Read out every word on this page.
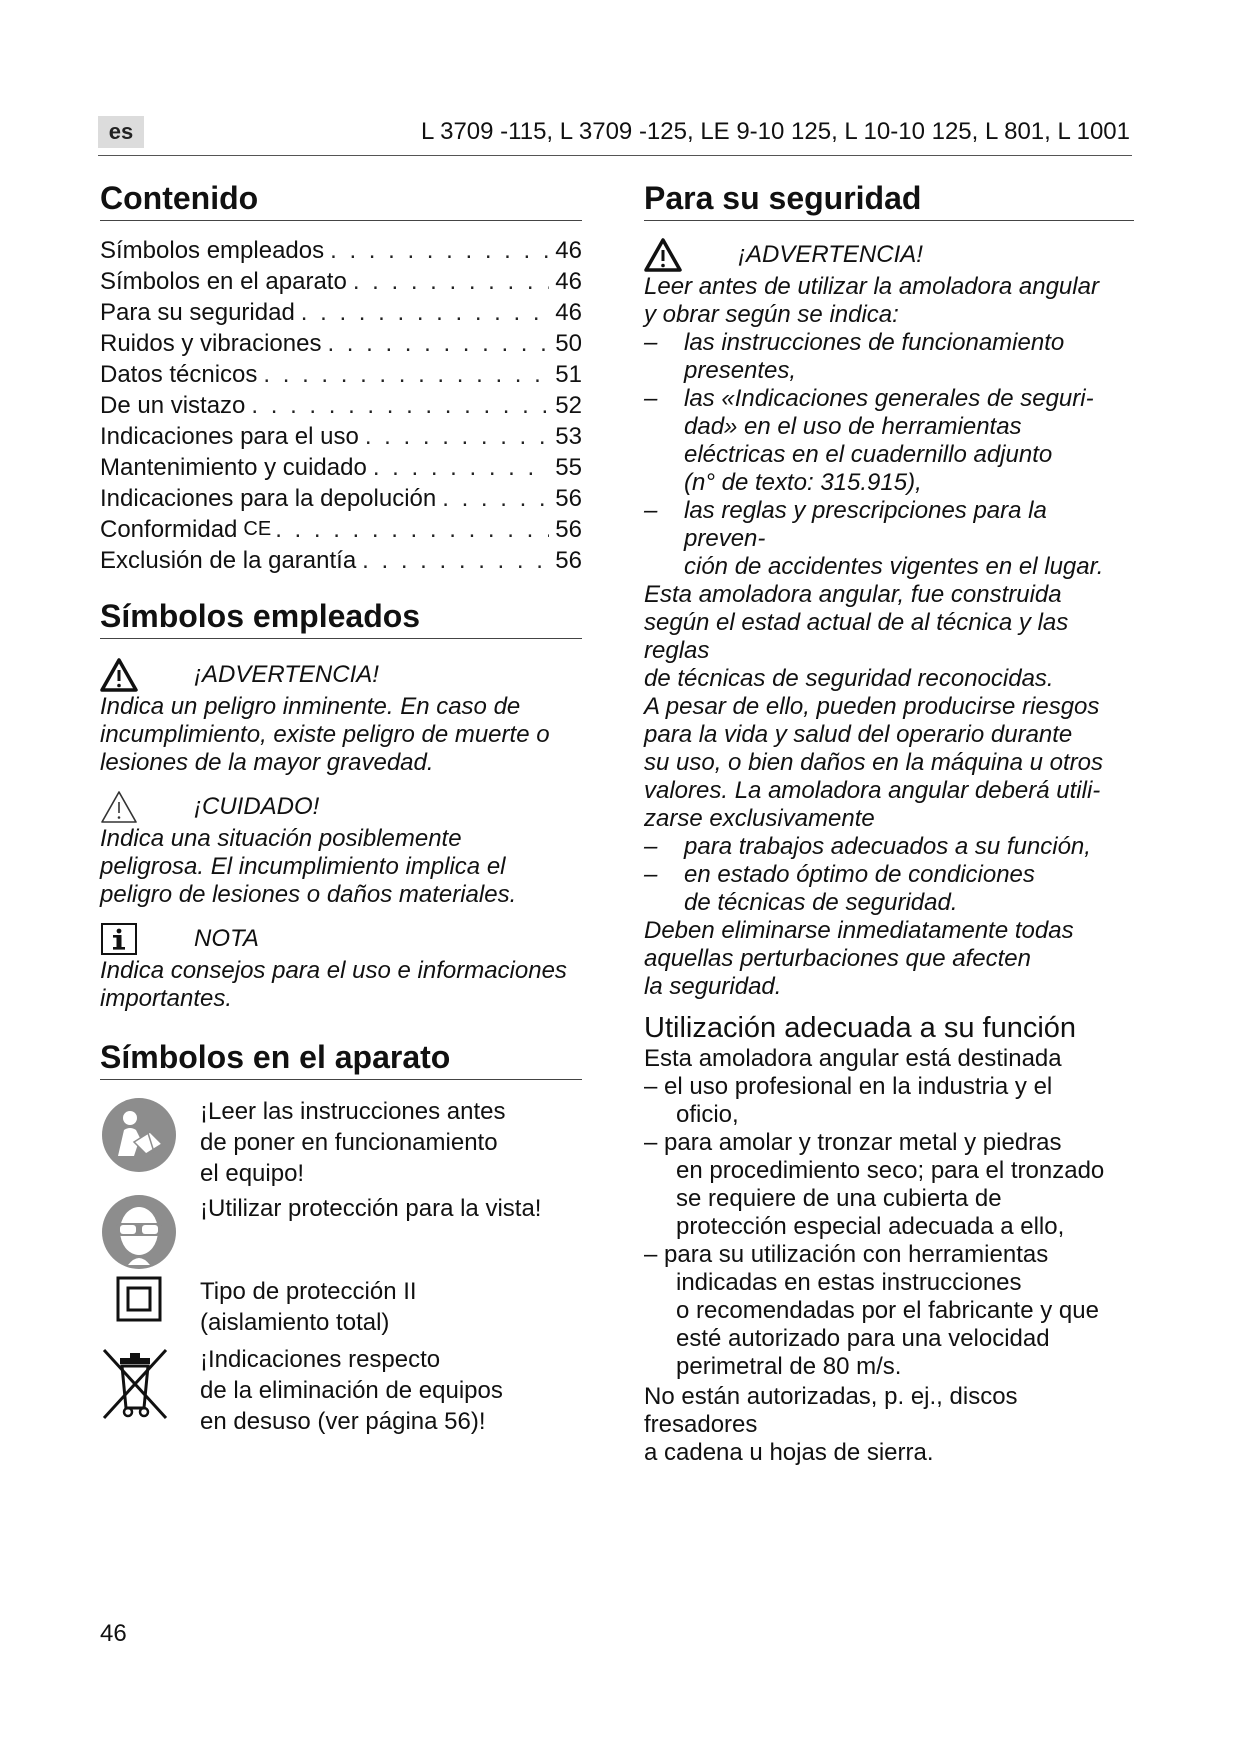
es	L 3709 -115, L 3709 -125, LE 9-10 125, L 10-10 125, L 801, L 1001
Contenido
Símbolos empleados . . .	46
Símbolos en el aparato . . .	46
Para su seguridad . . .	46
Ruidos y vibraciones . . .	50
Datos técnicos . . .	51
De un vistazo . . .	52
Indicaciones para el uso . . .	53
Mantenimiento y cuidado . . .	55
Indicaciones para la depolución . . .	56
Conformidad CE . . .	56
Exclusión de la garantía . . .	56
Símbolos empleados
¡ADVERTENCIA!
Indica un peligro inminente. En caso de
incumplimiento, existe peligro de muerte o
lesiones de la mayor gravedad.
¡CUIDADO!
Indica una situación posiblemente
peligrosa. El incumplimiento implica el
peligro de lesiones o daños materiales.
NOTA
Indica consejos para el uso e informaciones
importantes.
Símbolos en el aparato
¡Leer las instrucciones antes
de poner en funcionamiento
el equipo!
¡Utilizar protección para la vista!
Tipo de protección II
(aislamiento total)
¡Indicaciones respecto
de la eliminación de equipos
en desuso (ver página 56)!
Para su seguridad
¡ADVERTENCIA!
Leer antes de utilizar la amoladora angular
y obrar según se indica:
–	las instrucciones de funcionamiento
presentes,
–	las «Indicaciones generales de seguri-
dad» en el uso de herramientas
eléctricas en el cuadernillo adjunto
(n° de texto: 315.915),
–	las reglas y prescripciones para la preven-
ción de accidentes vigentes en el lugar.
Esta amoladora angular, fue construida
según el estad actual de al técnica y las reglas
de técnicas de seguridad reconocidas.
A pesar de ello, pueden producirse riesgos
para la vida y salud del operario durante
su uso, o bien daños en la máquina u otros
valores. La amoladora angular deberá utili-
zarse exclusivamente
–	para trabajos adecuados a su función,
–	en estado óptimo de condiciones
de técnicas de seguridad.
Deben eliminarse inmediatamente todas
aquellas perturbaciones que afecten
la seguridad.
Utilización adecuada a su función
Esta amoladora angular está destinada
– el uso profesional en la industria y el
oficio,
– para amolar y tronzar metal y piedras
en procedimiento seco; para el tronzado
se requiere de una cubierta de
protección especial adecuada a ello,
– para su utilización con herramientas
indicadas en estas instrucciones
o recomendadas por el fabricante y que
esté autorizado para una velocidad
perimetral de 80 m/s.
No están autorizadas, p. ej., discos fresadores
a cadena u hojas de sierra.
46
